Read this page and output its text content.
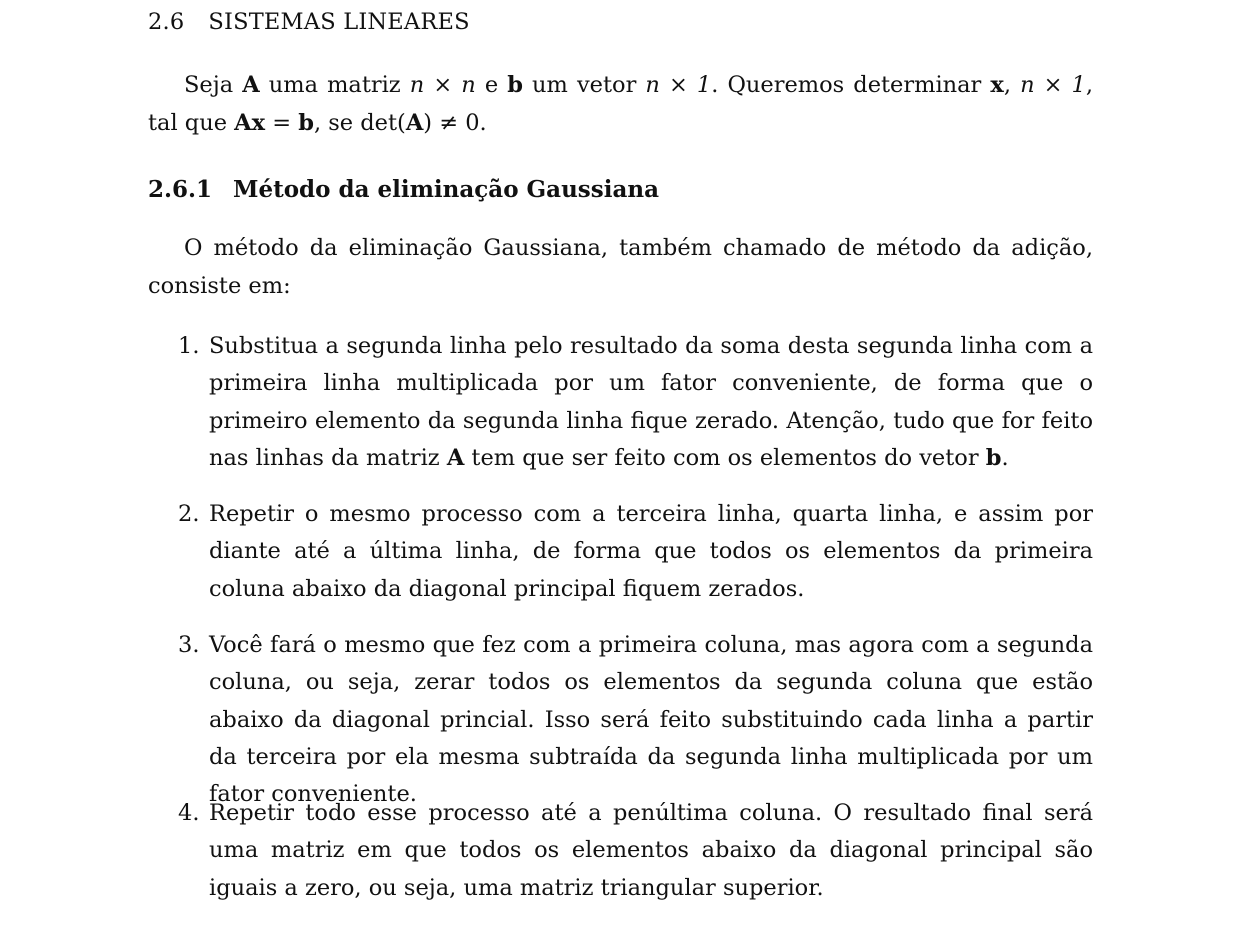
2.6 SISTEMAS LINEARES
Seja A uma matriz n × n e b um vetor n × 1. Queremos determinar x, n × 1, tal que Ax = b, se det(A) ≠ 0.
2.6.1 Método da eliminação Gaussiana
O método da eliminação Gaussiana, também chamado de método da adição, consiste em:
1. Substitua a segunda linha pelo resultado da soma desta segunda linha com a primeira linha multiplicada por um fator conveniente, de forma que o primeiro elemento da segunda linha fique zerado. Atenção, tudo que for feito nas linhas da matriz A tem que ser feito com os elementos do vetor b.
2. Repetir o mesmo processo com a terceira linha, quarta linha, e assim por diante até a última linha, de forma que todos os elementos da primeira coluna abaixo da diagonal principal fiquem zerados.
3. Você fará o mesmo que fez com a primeira coluna, mas agora com a segunda coluna, ou seja, zerar todos os elementos da segunda coluna que estão abaixo da diagonal princial. Isso será feito substituindo cada linha a partir da terceira por ela mesma subtraída da segunda linha multiplicada por um fator conveniente.
4. Repetir todo esse processo até a penúltima coluna. O resultado final será uma matriz em que todos os elementos abaixo da diagonal principal são iguais a zero, ou seja, uma matriz triangular superior.
